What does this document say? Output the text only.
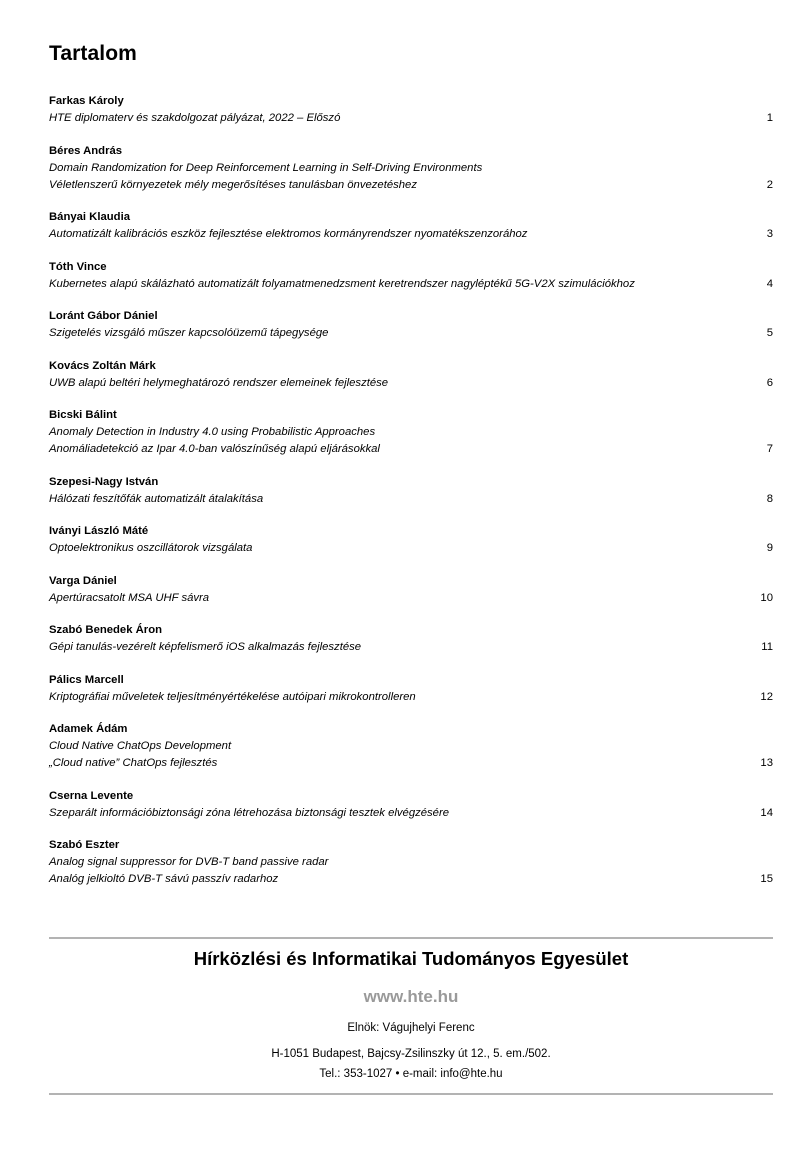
Tartalom
Farkas Károly
HTE diplomaterv és szakdolgozat pályázat, 2022 – Előszó	1
Béres András
Domain Randomization for Deep Reinforcement Learning in Self-Driving Environments
Véletlenszerű környezetek mély megerősítéses tanulásban önvezetéshez	2
Bányai Klaudia
Automatizált kalibrációs eszköz fejlesztése elektromos kormányrendszer nyomatékszenzorához	3
Tóth Vince
Kubernetes alapú skálázható automatizált folyamatmenedzsment keretrendszer nagyléptékű 5G-V2X szimulációkhoz	4
Loránt Gábor Dániel
Szigetelés vizsgáló műszer kapcsolóüzemű tápegysége	5
Kovács Zoltán Márk
UWB alapú beltéri helymeghatározó rendszer elemeinek fejlesztése	6
Bicski Bálint
Anomaly Detection in Industry 4.0 using Probabilistic Approaches
Anomáliadetekció az Ipar 4.0-ban valószínűség alapú eljárásokkal	7
Szepesi-Nagy István
Hálózati feszítőfák automatizált átalakítása	8
Iványi László Máté
Optoelektronikus oszcillátorok vizsgálata	9
Varga Dániel
Apertúracsatolt MSA UHF sávra	10
Szabó Benedek Áron
Gépi tanulás-vezérelt képfelismerő iOS alkalmazás fejlesztése	11
Pálics Marcell
Kriptográfiai műveletek teljesítményértékelése autóipari mikrokontrolleren	12
Adamek Ádám
Cloud Native ChatOps Development
„Cloud native” ChatOps fejlesztés	13
Cserna Levente
Szeparált információbiztonsági zóna létrehozása biztonsági tesztek elvégzésére	14
Szabó Eszter
Analog signal suppressor for DVB-T band passive radar
Analóg jelkioltó DVB-T sávú passzív radarhoz	15
Hírközlési és Informatikai Tudományos Egyesület
www.hte.hu
Elnök: Vágujhelyi Ferenc
H-1051 Budapest, Bajcsy-Zsilinszky út 12., 5. em./502.
Tel.: 353-1027 • e-mail: info@hte.hu
